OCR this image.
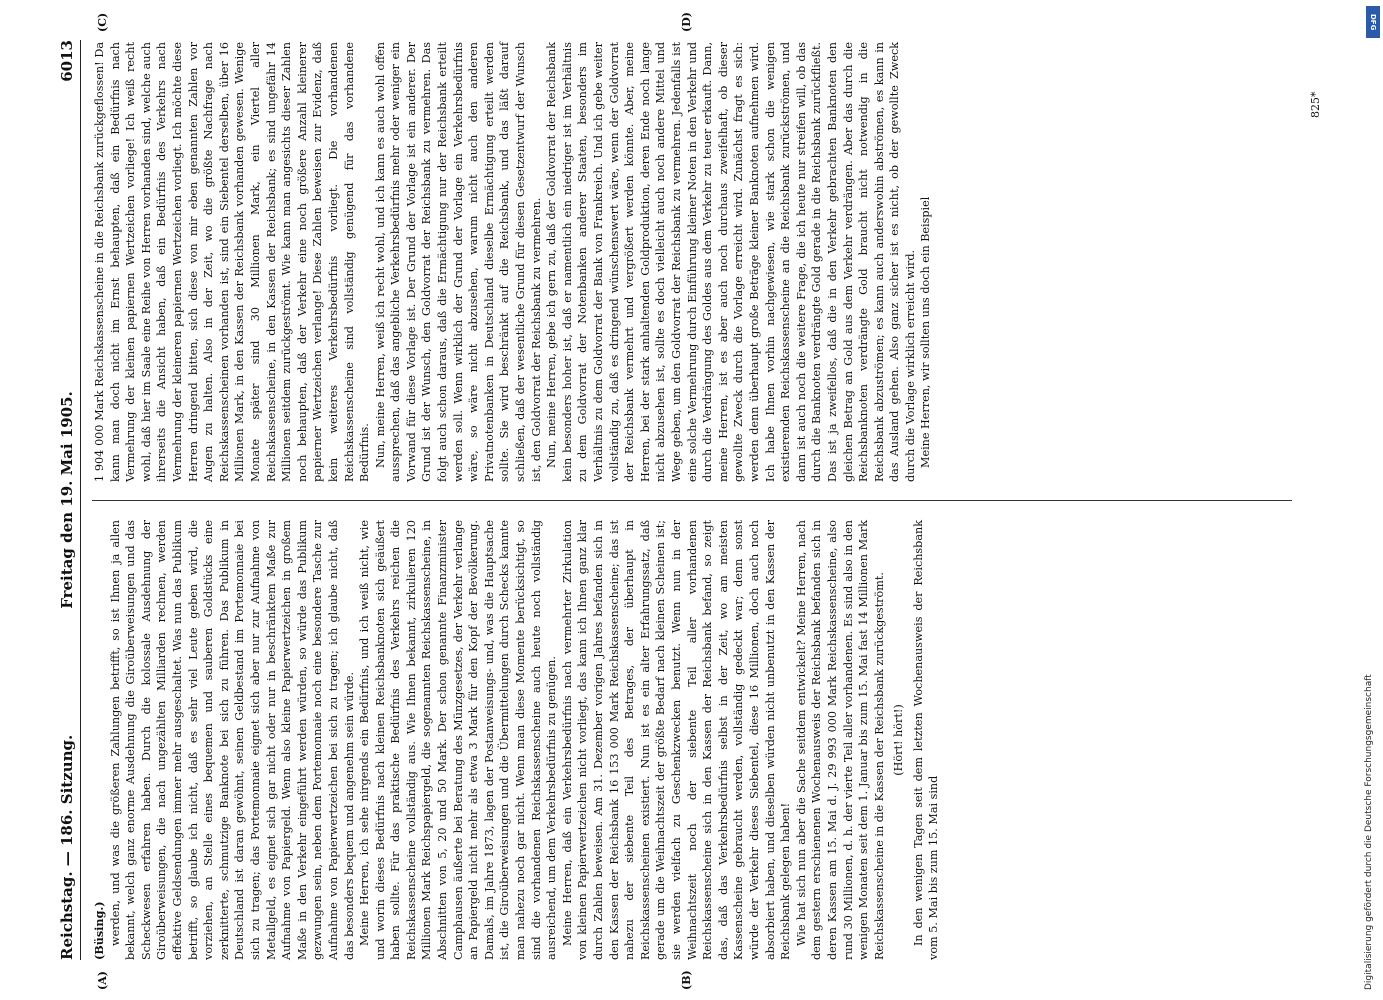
Reichstag. — 186. Sitzung.
Freitag den 19. Mai 1905.
6013

(Büsing.) werden, und was die größeren Zahlungen betrifft, so ist Ihnen ja allen bekannt, welch ganz enorme Ausdehnung die Giroüberweisungen und das Scheckwesen erfahren haben. Durch die kolossale Ausdehnung der Giroüberweisungen, die nach ungezählten Milliarden rechnen, werden effektive Geldsendungen immer mehr ausgeschaltet. Was nun das Publikum betrifft, so glaube ich nicht, daß es sehr viel Leute geben wird, die vorziehen, an Stelle eines bequemen und sauberen Goldstücks eine zerknitterte, schmutzige Banknote bei sich zu führen. Das Publikum in Deutschland ist daran gewöhnt, seinen Geldbestand im Portemonnaie bei sich zu tragen; das Portemonnaie eignet sich aber nur zur Aufnahme von Metallgeld, es eignet sich gar nicht oder nur in beschränktem Maße zur Aufnahme von Papiergeld. Wenn also kleine Papierwertzeichen in großem Maße in den Verkehr eingeführt werden würden, so würde das Publikum gezwungen sein, neben dem Portemonnaie noch eine besondere Tasche zur Aufnahme von Papierwertzeichen bei sich zu tragen; ich glaube nicht, daß das besonders bequem und angenehm sein würde. Meine Herren, ich sehe nirgends ein Bedürfnis, und ich weiß nicht, wie und worin dieses Bedürfnis nach kleinen Reichsbanknoten sich geäußert haben sollte. Für das praktische Bedürfnis des Verkehrs reichen die Reichskassenscheine vollständig aus. Wie Ihnen bekannt, zirkulieren 120 Millionen Mark Reichspapiergeld, die sogenannten Reichskassenscheine, in Abschnitten von 5, 20 und 50 Mark. Der schon genannte Finanzminister Camphausen äußerte bei Beratung des Münzgesetzes, der Verkehr verlange an Papiergeld nicht mehr als etwa 3 Mark für den Kopf der Bevölkerung. Damals, im Jahre 1873, lagen der Postanweisungs- und, was die Hauptsache ist, die Giroüberweisungen und die Übermittelungen durch Schecks kannte man nahezu noch gar nicht. Wenn man diese Momente berücksichtigt, so sind die vorhandenen Reichskassenscheine auch heute noch vollständig ausreichend, um dem Verkehrsbedürfnis zu genügen. Meine Herren, daß ein Verkehrsbedürfnis nach vermehrter Zirkulation von kleinen Papierwertzeichen nicht vorliegt, das kann ich Ihnen ganz klar durch Zahlen beweisen. Am 31. Dezember vorigen Jahres befanden sich in den Kassen der Reichsbank 16 153 000 Mark Reichskassenscheine; das ist nahezu der siebente Teil des Betrages, der überhaupt in Reichskassenscheinen existiert. Nun ist es ein alter Erfahrungssatz, daß gerade um die Weihnachtszeit der größte Bedarf nach kleinen Scheinen ist; sie werden vielfach zu Geschenkzwecken benutzt. Wenn nun in der Weihnachtszeit noch der siebente Teil aller vorhandenen Reichskassenscheine sich in den Kassen der Reichsbank befand, so zeigt das, daß das Verkehrsbedürfnis selbst in der Zeit, wo am meisten Kassenscheine gebraucht werden, vollständig gedeckt war; denn sonst würde der Verkehr dieses Siebentel, diese 16 Millionen, doch auch noch absorbiert haben, und dieselben würden nicht unbenutzt in den Kassen der Reichsbank gelegen haben! Wie hat sich nun aber die Sache seitdem entwickelt? Meine Herren, nach dem gestern erschienenen Wochenausweis der Reichsbank befanden sich in deren Kassen am 15. Mai d. J. 29 993 000 Mark Reichskassenscheine, also rund 30 Millionen, d. h. der vierte Teil aller vorhandenen. Es sind also in den wenigen Monaten seit dem 1. Januar bis zum 15. Mai fast 14 Millionen Mark Reichskassenscheine in die Kassen der Reichsbank zurückgeströmt. (Hört! hört!) In den wenigen Tagen seit dem letzten Wochenausweis der Reichsbank vom 5. Mai bis zum 15. Mai sind

1 904 000 Mark Reichskassenscheine in die Reichsbank zurückgeflossen! Da kann man doch nicht im Ernst behaupten, daß ein Bedürfnis nach Vermehrung der kleinen papiernen Wertzeichen vorliege! Ich weiß recht wohl, daß hier im Saale eine Reihe von Herren vorhanden sind, welche auch ihrerseits die Ansicht haben, daß ein Bedürfnis des Verkehrs nach Vermehrung der kleineren papiernen Wertzeichen vorliegt. Ich möchte diese Herren dringend bitten, sich diese von mir eben genannten Zahlen vor Augen zu halten. Also in der Zeit, wo die größte Nachfrage nach Reichskassenscheinen vorhanden ist, sind ein Siebentel derselben, über 16 Millionen Mark, in den Kassen der Reichsbank vorhanden gewesen. Wenige Monate später sind 30 Millionen Mark, ein Viertel aller Reichskassenscheine, in den Kassen der Reichsbank; es sind ungefähr 14 Millionen seitdem zurückgeströmt. Wie kann man angesichts dieser Zahlen noch behaupten, daß der Verkehr eine noch größere Anzahl kleinerer papierner Wertzeichen verlange! Diese Zahlen beweisen zur Evidenz, daß kein weiteres Verkehrsbedürfnis vorliegt. Die vorhandenen Reichskassenscheine sind vollständig genügend für das vorhandene Bedürfnis. Nun, meine Herren, weiß ich recht wohl, und ich kann es auch wohl offen aussprechen, daß das angebliche Verkehrsbedürfnis mehr oder weniger ein Vorwand für diese Vorlage ist. Der Grund der Vorlage ist ein anderer. Der Grund ist der Wunsch, den Goldvorrat der Reichsbank zu vermehren. Das folgt auch schon daraus, daß die Ermächtigung nur der Reichsbank erteilt werden soll. Wenn wirklich der Grund der Vorlage ein Verkehrsbedürfnis wäre, so wäre nicht abzusehen, warum nicht auch den anderen Privatnotenbanken in Deutschland dieselbe Ermächtigung erteilt werden sollte. Sie wird beschränkt auf die Reichsbank, und das läßt darauf schließen, daß der wesentliche Grund für diesen Gesetzentwurf der Wunsch ist, den Goldvorrat der Reichsbank zu vermehren. Nun, meine Herren, gebe ich gern zu, daß der Goldvorrat der Reichsbank kein besonders hoher ist, daß er namentlich ein niedriger ist im Verhältnis zu dem Goldvorrat der Notenbanken anderer Staaten, besonders im Verhältnis zu dem Goldvorrat der Bank von Frankreich. Und ich gebe weiter vollständig zu, daß es dringend wünschenswert wäre, wenn der Goldvorrat der Reichsbank vermehrt und vergrößert werden könnte. Aber, meine Herren, bei der stark anhaltenden Goldproduktion, deren Ende noch lange nicht abzusehen ist, sollte es doch vielleicht auch noch andere Mittel und Wege geben, um den Goldvorrat der Reichsbank zu vermehren. Jedenfalls ist eine solche Vermehrung durch Einführung kleiner Noten in den Verkehr und durch die Verdrängung des Goldes aus dem Verkehr zu teuer erkauft. Dann, meine Herren, ist es aber auch noch durchaus zweifelhaft, ob dieser gewollte Zweck durch die Vorlage erreicht wird. Zunächst fragt es sich: werden denn überhaupt große Beträge kleiner Banknoten aufnehmen wird. Ich habe Ihnen vorhin nachgewiesen, wie stark schon die wenigen existierenden Reichskassenscheine an die Reichsbank zurückströmen, und dann ist auch noch die weitere Frage, die ich heute nur streifen will, ob das durch die Banknoten verdrängte Gold gerade in die Reichsbank zurückfließt. Das ist ja zweifellos, daß die in den Verkehr gebrachten Banknoten den gleichen Betrag an Gold aus dem Verkehr verdrängen. Aber das durch die Reichsbanknoten verdrängte Gold braucht nicht notwendig in die Reichsbank abzuströmen; es kann auch anderswohin abströmen, es kann in das Ausland gehen. Also ganz sicher ist es nicht, ob der gewollte Zweck durch die Vorlage wirklich erreicht wird. Meine Herren, wir sollten uns doch ein Beispiel

(A)	(B)
(C)	(D)
825*
Digitalisierung gefördert durch die Deutsche Forschungsgemeinschaft
DFG
